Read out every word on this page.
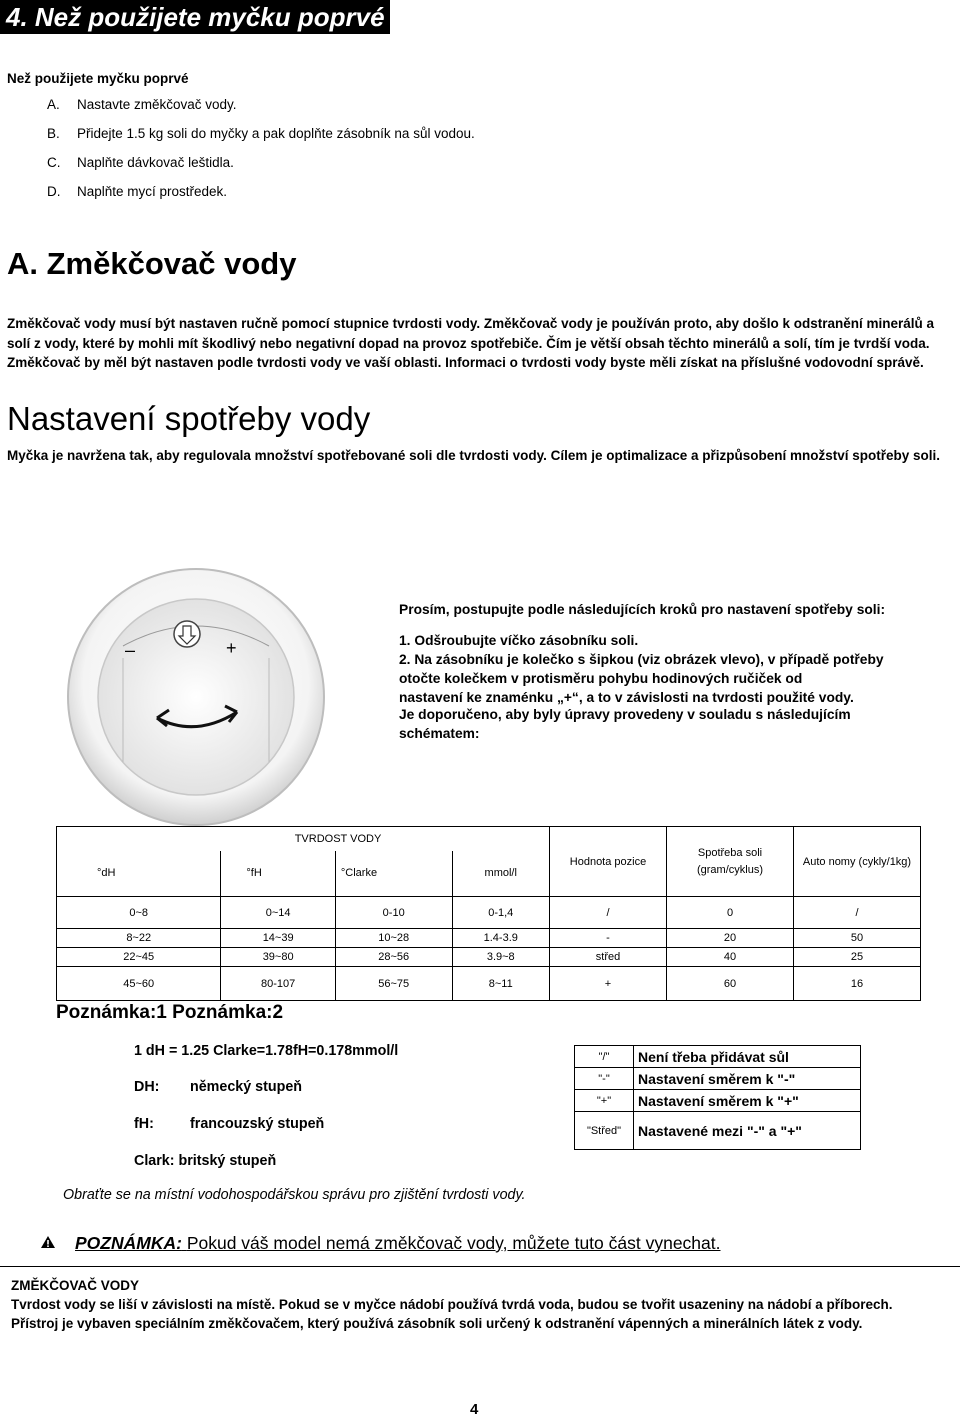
4. Než použijete myčku poprvé
Než použijete myčku poprvé
A. Nastavte změkčovač vody.
B. Přidejte 1.5 kg soli do myčky a pak doplňte zásobník na sůl vodou.
C. Naplňte dávkovač leštidla.
D. Naplňte mycí prostředek.
A. Změkčovač vody
Změkčovač vody musí být nastaven ručně pomocí stupnice tvrdosti vody. Změkčovač vody je používán proto, aby došlo k odstranění minerálů a solí z vody, které by mohli mít škodlivý nebo negativní dopad na provoz spotřebiče. Čím je větší obsah těchto minerálů a solí, tím je tvrdší voda. Změkčovač by měl být nastaven podle tvrdosti vody ve vaší oblasti. Informaci o tvrdosti vody byste měli získat na příslušné vodovodní správě.
Nastavení spotřeby vody
Myčka je navržena tak, aby regulovala množství spotřebované soli dle tvrdosti vody. Cílem je optimalizace a přizpůsobení množství spotřeby soli.
–	+
Prosím, postupujte podle následujících kroků pro nastavení spotřeby soli:
1. Odšroubujte víčko zásobníku soli.
2. Na zásobníku je kolečko s šipkou (viz obrázek vlevo), v případě potřeby
otočte kolečkem v protisměru pohybu hodinových ručiček od
nastavení ke znaménku „+“, a to v závislosti na tvrdosti použité vody.
Je doporučeno, aby byly úpravy provedeny v souladu s následujícím
schématem:
TVRDOST VODY				Hodnota pozice	Spotřeba soli (gram/cyklus)	Auto nomy (cykly/1kg)
°dH	°fH	°Clarke	mmol/l			
0~8	0~14	0-10	0-1,4	/	0	/
8~22	14~39	10~28	1.4-3.9	-	20	50
22~45	39~80	28~56	3.9~8	střed	40	25
45~60	80-107	56~75	8~11	+	60	16
Poznámka:1 Poznámka:2
1 dH = 1.25 Clarke=1.78fH=0.178mmol/l
DH: německý stupeň
fH:	francouzský stupeň
Clark: britský stupeň
"/"	Není třeba přidávat sůl
"-"	Nastavení směrem k "-"
"+"	Nastavení směrem k "+"
"Střed"	Nastavené mezi "-" a "+"
Obraťte se na místní vodohospodářskou správu pro zjištění tvrdosti vody.
POZNÁMKA: Pokud váš model nemá změkčovač vody, můžete tuto část vynechat.
ZMĚKČOVAČ VODY
Tvrdost vody se liší v závislosti na místě. Pokud se v myčce nádobí používá tvrdá voda, budou se tvořit usazeniny na nádobí a příborech.
Přístroj je vybaven speciálním změkčovačem, který používá zásobník soli určený k odstranění vápenných a minerálních látek z vody.
4
